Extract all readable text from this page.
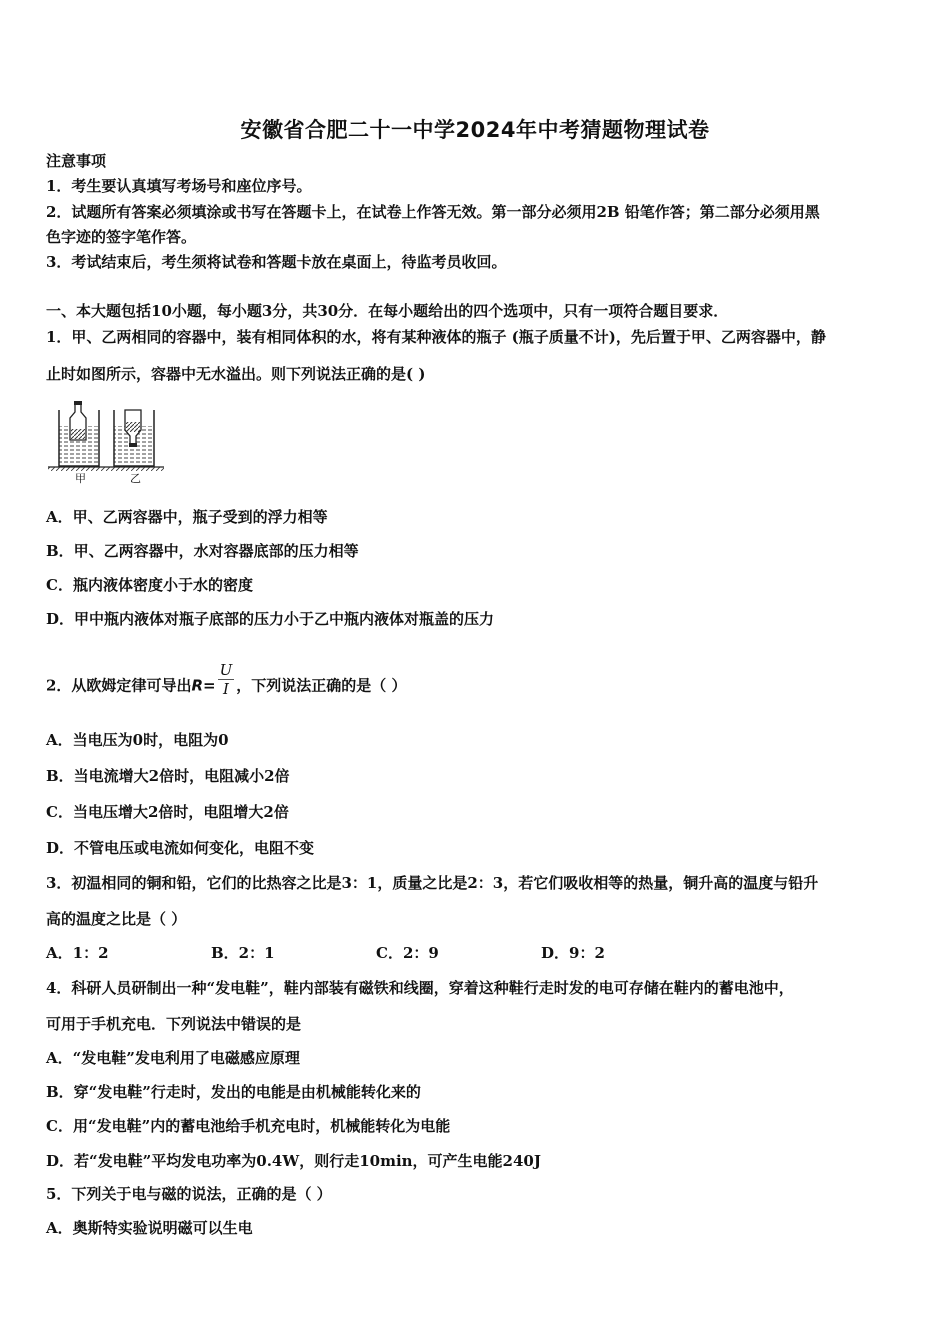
安徽省合肥二十一中学2024年中考猜题物理试卷
注意事项
1．考生要认真填写考场号和座位序号。
2．试题所有答案必须填涂或书写在答题卡上，在试卷上作答无效。第一部分必须用2B 铅笔作答；第二部分必须用黑
色字迹的签字笔作答。
3．考试结束后，考生须将试卷和答题卡放在桌面上，待监考员收回。
一、本大题包括10小题，每小题3分，共30分．在每小题给出的四个选项中，只有一项符合题目要求．
1．甲、乙两相同的容器中，装有相同体积的水，将有某种液体的瓶子 (瓶子质量不计)，先后置于甲、乙两容器中，静
止时如图所示，容器中无水溢出。则下列说法正确的是( )
甲	乙
A．甲、乙两容器中，瓶子受到的浮力相等
B．甲、乙两容器中，水对容器底部的压力相等
C．瓶内液体密度小于水的密度
D．甲中瓶内液体对瓶子底部的压力小于乙中瓶内液体对瓶盖的压力
2．从欧姆定律可导出$R= \frac{U}{I}$ ，下列说法正确的是（ ）
A．当电压为0时，电阻为0
B．当电流增大2倍时，电阻减小2倍
C．当电压增大2倍时，电阻增大2倍
D．不管电压或电流如何变化，电阻不变
3．初温相同的铜和铅，它们的比热容之比是3：1，质量之比是2：3，若它们吸收相等的热量，铜升高的温度与铅升
高的温度之比是（ ）
A．1：2	B．2：1	C．2：9	D．9：2
4．科研人员研制出一种“发电鞋”，鞋内部装有磁铁和线圈，穿着这种鞋行走时发的电可存储在鞋内的蓄电池中，
可用于手机充电．下列说法中错误的是
A．“发电鞋”发电利用了电磁感应原理
B．穿“发电鞋”行走时，发出的电能是由机械能转化来的
C．用“发电鞋”内的蓄电池给手机充电时，机械能转化为电能
D．若“发电鞋”平均发电功率为0.4W，则行走10min，可产生电能240J
5．下列关于电与磁的说法，正确的是（ ）
A．奥斯特实验说明磁可以生电
